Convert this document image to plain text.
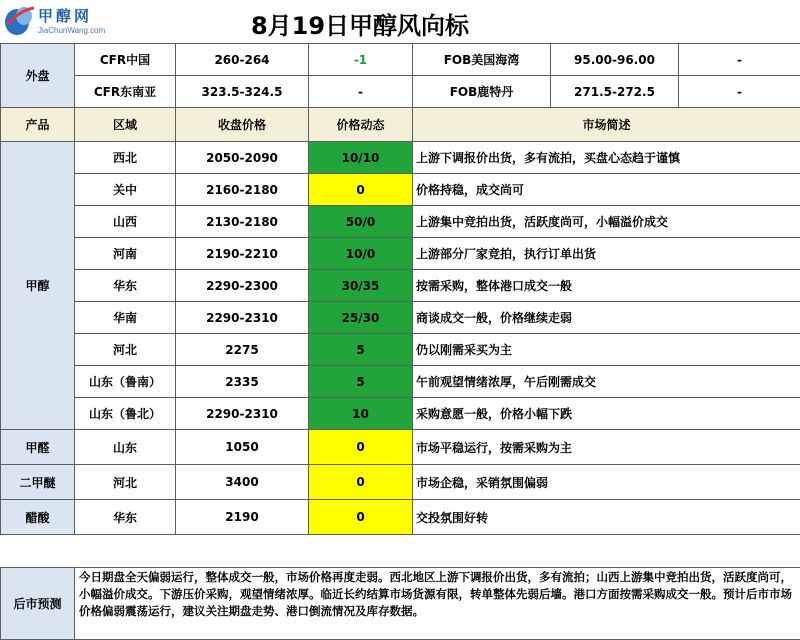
甲醇网
JiaChunWang.com	8月19日甲醇风向标
外盘	CFR中国	260-264	-1	FOB美国海湾	95.00-96.00	-
	CFR东南亚	323.5-324.5	-	FOB鹿特丹	271.5-272.5	-
产品	区域	收盘价格	价格动态	市场简述
甲醇	西北	2050-2090	10/10	上游下调报价出货，多有流拍，买盘心态趋于谨慎
	关中	2160-2180	0	价格持稳，成交尚可
	山西	2130-2180	50/0	上游集中竞拍出货，活跃度尚可，小幅溢价成交
	河南	2190-2210	10/0	上游部分厂家竞拍，执行订单出货
	华东	2290-2300	30/35	按需采购，整体港口成交一般
	华南	2290-2310	25/30	商谈成交一般，价格继续走弱
	河北	2275	5	仍以刚需采买为主
	山东（鲁南）	2335	5	午前观望情绪浓厚，午后刚需成交
	山东（鲁北）	2290-2310	10	采购意愿一般，价格小幅下跌
甲醛	山东	1050	0	市场平稳运行，按需采购为主
二甲醚	河北	3400	0	市场企稳，采销氛围偏弱
醋酸	华东	2190	0	交投氛围好转
后市预测	今日期盘全天偏弱运行，整体成交一般，市场价格再度走弱。西北地区上游下调报价出货，多有流拍；山西上游集中竞拍出货，活跃度尚可，小幅溢价成交。下游压价采购，观望情绪浓厚。临近长约结算市场货源有限，转单整体先弱后墙。港口方面按需采购成交一般。预计后市市场价格偏弱震荡运行，建议关注期盘走势、港口倒流情况及库存数据。
